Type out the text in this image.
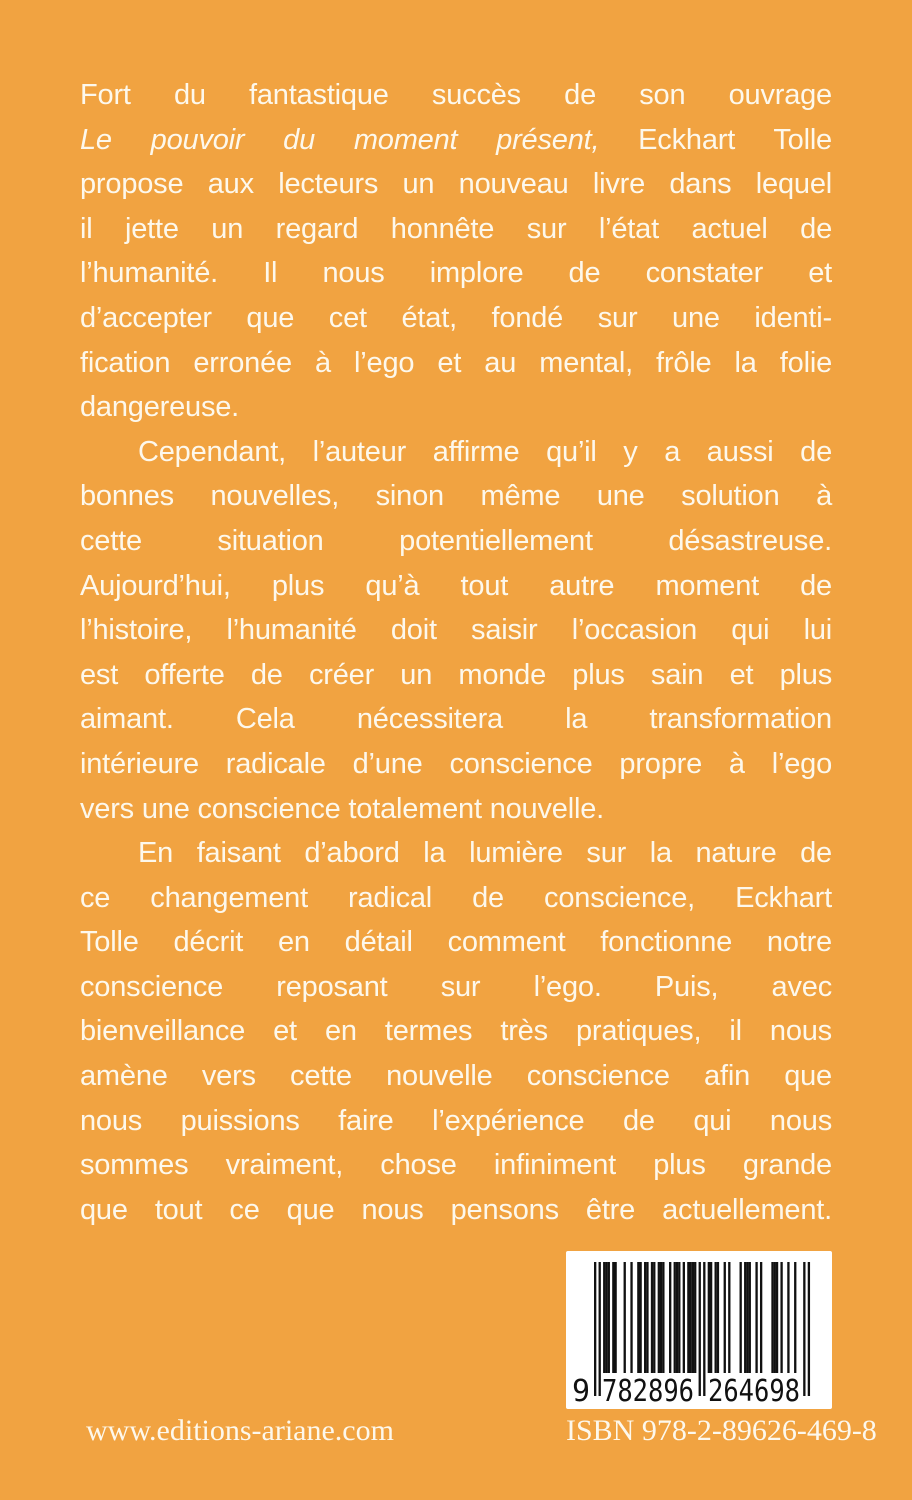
Fort du fantastique succès de son ouvrage
Le pouvoir du moment présent, Eckhart Tolle
propose aux lecteurs un nouveau livre dans lequel
il jette un regard honnête sur l’état actuel de
l’humanité. Il nous implore de constater et
d’accepter que cet état, fondé sur une identi-
fication erronée à l’ego et au mental, frôle la folie
dangereuse.
Cependant, l’auteur affirme qu’il y a aussi de
bonnes nouvelles, sinon même une solution à
cette situation potentiellement désastreuse.
Aujourd’hui, plus qu’à tout autre moment de
l’histoire, l’humanité doit saisir l’occasion qui lui
est offerte de créer un monde plus sain et plus
aimant. Cela nécessitera la transformation
intérieure radicale d’une conscience propre à l’ego
vers une conscience totalement nouvelle.
En faisant d’abord la lumière sur la nature de
ce changement radical de conscience, Eckhart
Tolle décrit en détail comment fonctionne notre
conscience reposant sur l’ego. Puis, avec
bienveillance et en termes très pratiques, il nous
amène vers cette nouvelle conscience afin que
nous puissions faire l’expérience de qui nous
sommes vraiment, chose infiniment plus grande
que tout ce que nous pensons être actuellement.
9 782896 264698
www.editions-ariane.com	ISBN 978-2-89626-469-8
